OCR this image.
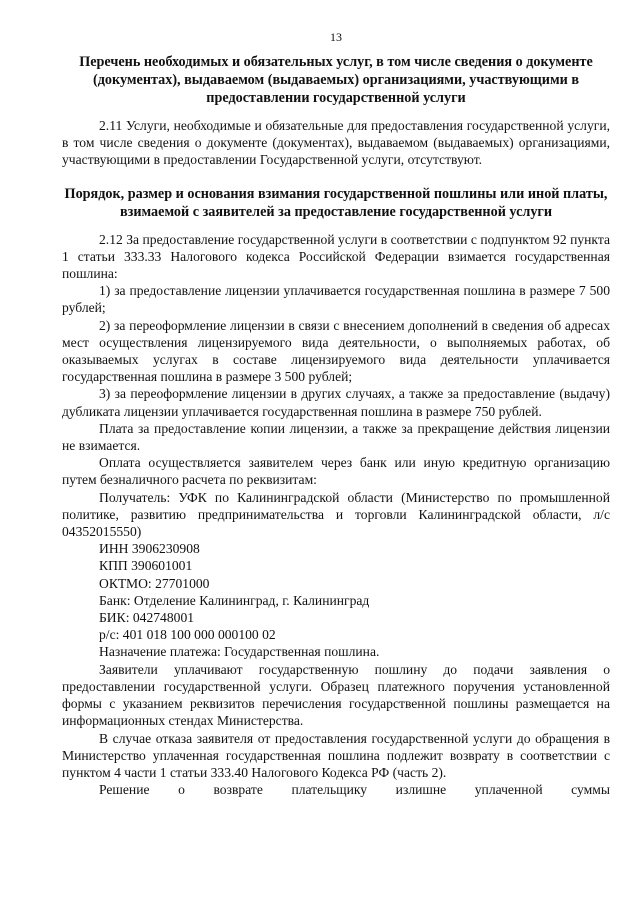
13
Перечень необходимых и обязательных услуг, в том числе сведения о документе (документах), выдаваемом (выдаваемых) организациями, участвующими в предоставлении государственной услуги

2.11 Услуги, необходимые и обязательные для предоставления государственной услуги, в том числе сведения о документе (документах), выдаваемом (выдаваемых) организациями, участвующими в предоставлении Государственной услуги, отсутствуют.

Порядок, размер и основания взимания государственной пошлины или иной платы, взимаемой с заявителей за предоставление государственной услуги

2.12 За предоставление государственной услуги в соответствии с подпунктом 92 пункта 1 статьи 333.33 Налогового кодекса Российской Федерации взимается государственная пошлина:

1) за предоставление лицензии уплачивается государственная пошлина в размере 7 500 рублей;

2) за переоформление лицензии в связи с внесением дополнений в сведения об адресах мест осуществления лицензируемого вида деятельности, о выполняемых работах, об оказываемых услугах в составе лицензируемого вида деятельности уплачивается государственная пошлина в размере 3 500 рублей;

3) за переоформление лицензии в других случаях, а также за предоставление (выдачу) дубликата лицензии уплачивается государственная пошлина в размере 750 рублей.

Плата за предоставление копии лицензии, а также за прекращение действия лицензии не взимается.

Оплата осуществляется заявителем через банк или иную кредитную организацию путем безналичного расчета по реквизитам:

Получатель: УФК по Калининградской области (Министерство по промышленной политике, развитию предпринимательства и торговли Калининградской области, л/с 04352015550)

ИНН 3906230908
КПП 390601001
ОКТМО: 27701000
Банк: Отделение Калининград, г. Калининград
БИК: 042748001
р/с: 401 018 100 000 000100 02
Назначение платежа: Государственная пошлина.

Заявители уплачивают государственную пошлину до подачи заявления о предоставлении государственной услуги. Образец платежного поручения установленной формы с указанием реквизитов перечисления государственной пошлины размещается на информационных стендах Министерства.

В случае отказа заявителя от предоставления государственной услуги до обращения в Министерство уплаченная государственная пошлина подлежит возврату в соответствии с пунктом 4 части 1 статьи 333.40 Налогового Кодекса РФ (часть 2).

Решение о возврате плательщику излишне уплаченной суммы
